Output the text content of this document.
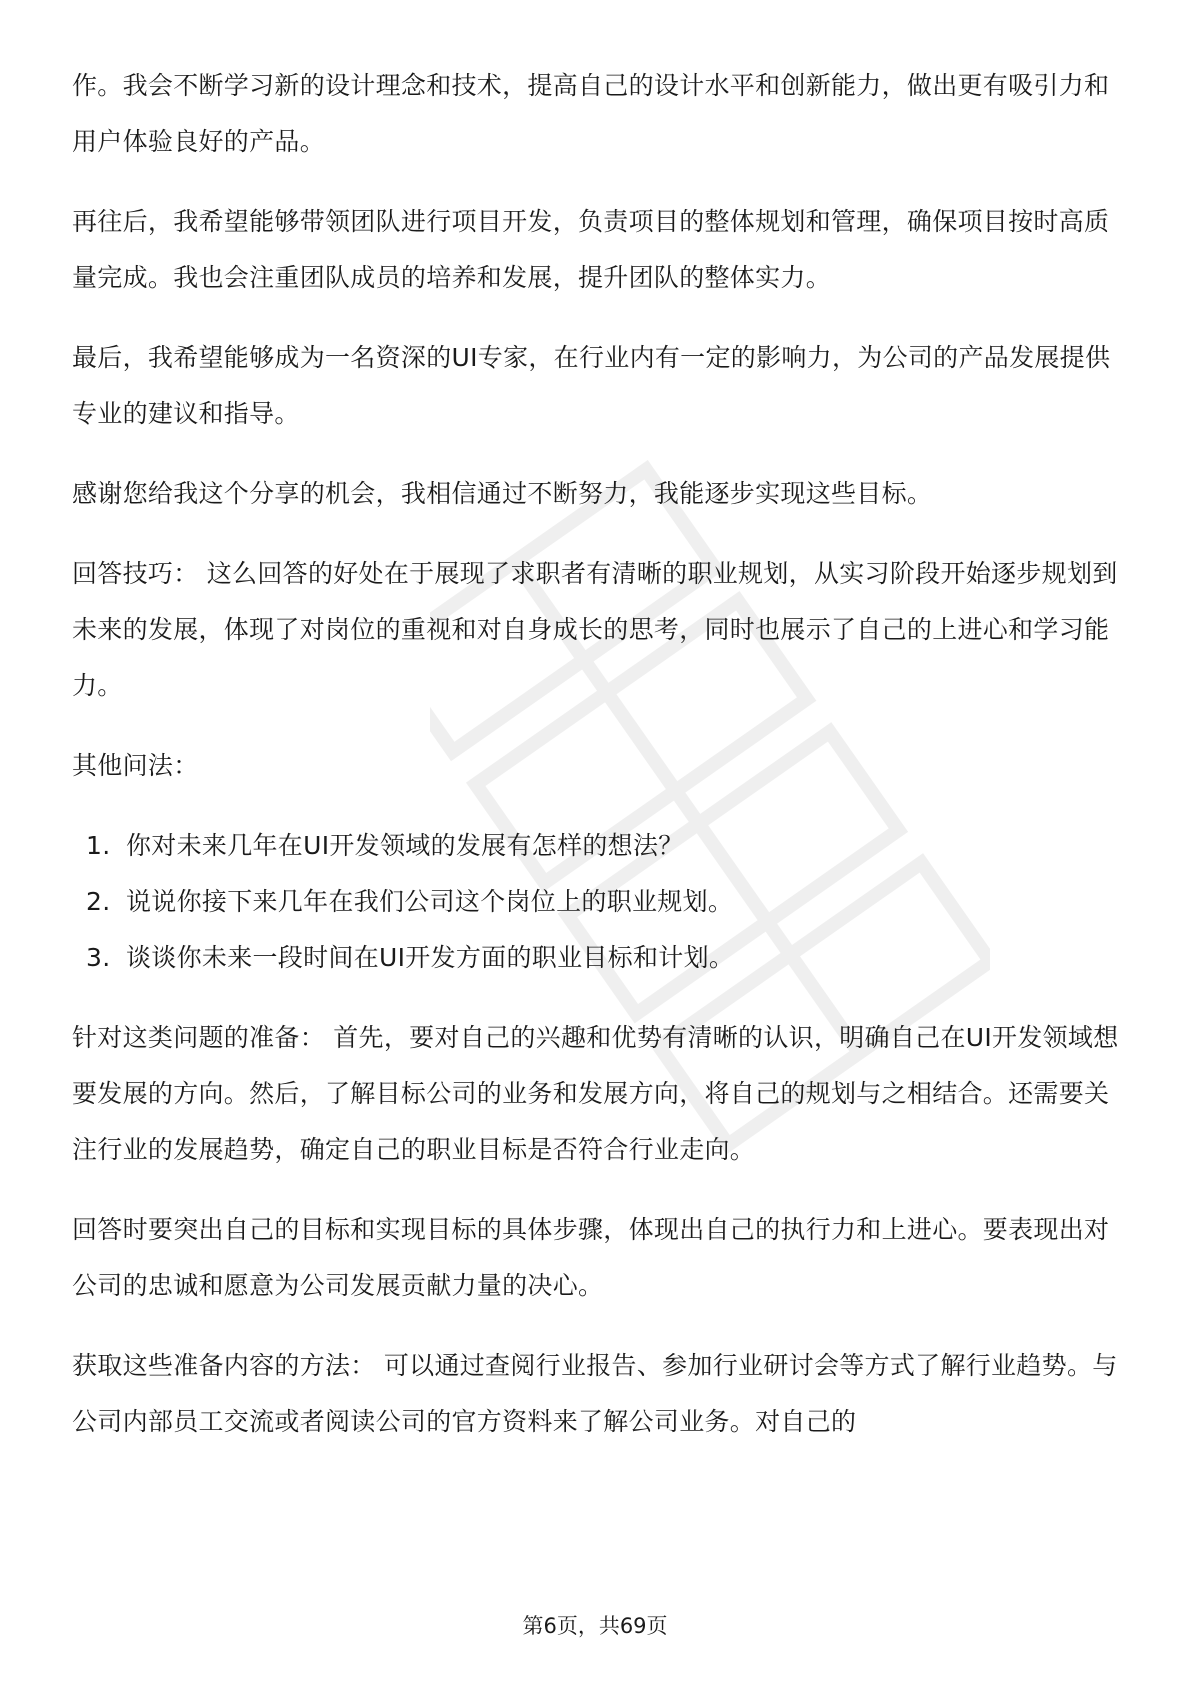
作。我会不断学习新的设计理念和技术，提高自己的设计水平和创新能力，做出更有吸引力和用户体验良好的产品。

再往后，我希望能够带领团队进行项目开发，负责项目的整体规划和管理，确保项目按时高质量完成。我也会注重团队成员的培养和发展，提升团队的整体实力。

最后，我希望能够成为一名资深的UI专家，在行业内有一定的影响力，为公司的产品发展提供专业的建议和指导。

感谢您给我这个分享的机会，我相信通过不断努力，我能逐步实现这些目标。

回答技巧： 这么回答的好处在于展现了求职者有清晰的职业规划，从实习阶段开始逐步规划到未来的发展，体现了对岗位的重视和对自身成长的思考，同时也展示了自己的上进心和学习能力。

其他问法：

1. 你对未来几年在UI开发领域的发展有怎样的想法？
2. 说说你接下来几年在我们公司这个岗位上的职业规划。
3. 谈谈你未来一段时间在UI开发方面的职业目标和计划。

针对这类问题的准备： 首先，要对自己的兴趣和优势有清晰的认识，明确自己在UI开发领域想要发展的方向。然后，了解目标公司的业务和发展方向，将自己的规划与之相结合。还需要关注行业的发展趋势，确定自己的职业目标是否符合行业走向。

回答时要突出自己的目标和实现目标的具体步骤，体现出自己的执行力和上进心。要表现出对公司的忠诚和愿意为公司发展贡献力量的决心。

获取这些准备内容的方法： 可以通过查阅行业报告、参加行业研讨会等方式了解行业趋势。与公司内部员工交流或者阅读公司的官方资料来了解公司业务。对自己的

第6页，共69页
